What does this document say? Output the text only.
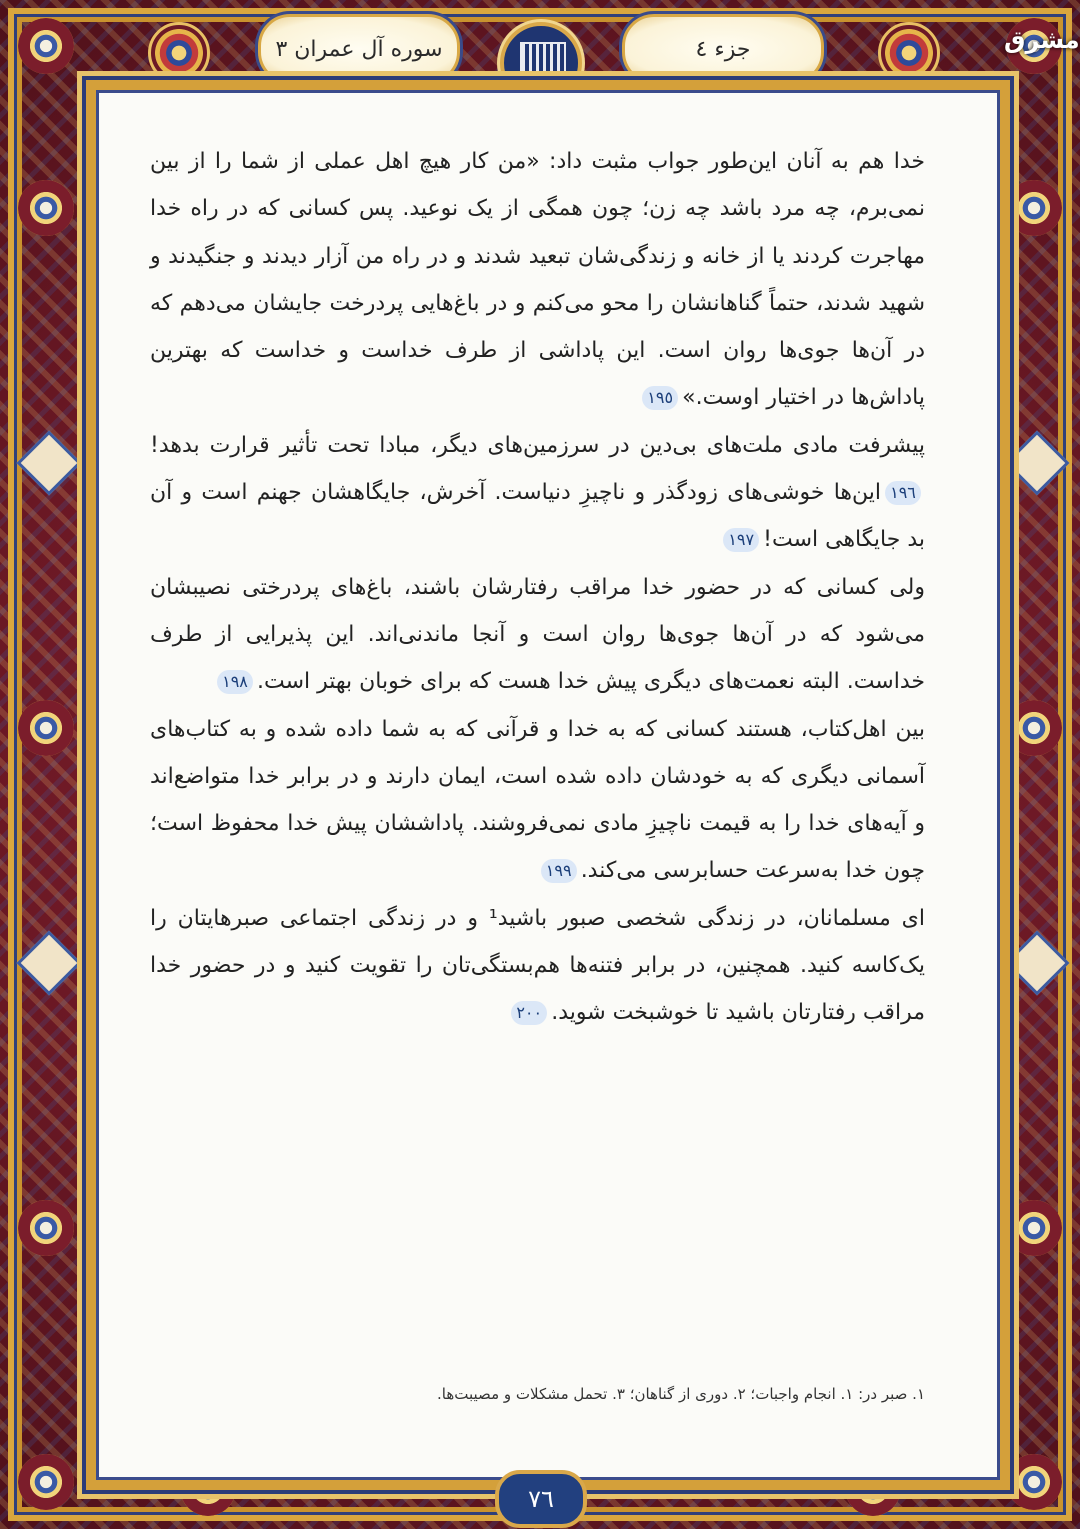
سوره آل عمران ٣	جزء ٤	مشرق

خدا هم به آنان این‌طور جواب مثبت داد: «من کار هیچ اهل عملی از شما را از بین نمی‌برم، چه مرد باشد چه زن؛ چون همگی از یک نوعید. پس کسانی که در راه خدا مهاجرت کردند یا از خانه و زندگی‌شان تبعید شدند و در راه من آزار دیدند و جنگیدند و شهید شدند، حتماً گناهانشان را محو می‌کنم و در باغ‌هایی پردرخت جایشان می‌دهم که در آن‌ها جوی‌ها روان است. این پاداشی از طرف خداست و خداست که بهترین پاداش‌ها در اختیار اوست.»١٩٥

پیشرفت مادی ملت‌های بی‌دین در سرزمین‌های دیگر، مبادا تحت تأثیر قرارت بدهد!١٩٦این‌ها خوشی‌های زودگذر و ناچیزِ دنیاست. آخرش، جایگاهشان جهنم است و آن بد جایگاهی است!١٩٧

ولی کسانی که در حضور خدا مراقب رفتارشان باشند، باغ‌های پردرختی نصیبشان می‌شود که در آن‌ها جوی‌ها روان است و آنجا ماندنی‌اند. این پذیرایی از طرف خداست. البته نعمت‌های دیگری پیش خدا هست که برای خوبان بهتر است.١٩٨

بین اهل‌کتاب، هستند کسانی که به خدا و قرآنی که به شما داده شده و به کتاب‌های آسمانی دیگری که به خودشان داده شده است، ایمان دارند و در برابر خدا متواضع‌اند و آیه‌های خدا را به قیمت ناچیزِ مادی نمی‌فروشند. پاداششان پیش خدا محفوظ است؛ چون خدا به‌سرعت حسابرسی می‌کند.١٩٩

ای مسلمانان، در زندگی شخصی صبور باشید¹ و در زندگی اجتماعی صبرهایتان را یک‌کاسه کنید. همچنین، در برابر فتنه‌ها هم‌بستگی‌تان را تقویت کنید و در حضور خدا مراقب رفتارتان باشید تا خوشبخت شوید.٢٠٠

١. صبر در: ١. انجام واجبات؛ ٢. دوری از گناهان؛ ٣. تحمل مشکلات و مصیبت‌ها.
٧٦
